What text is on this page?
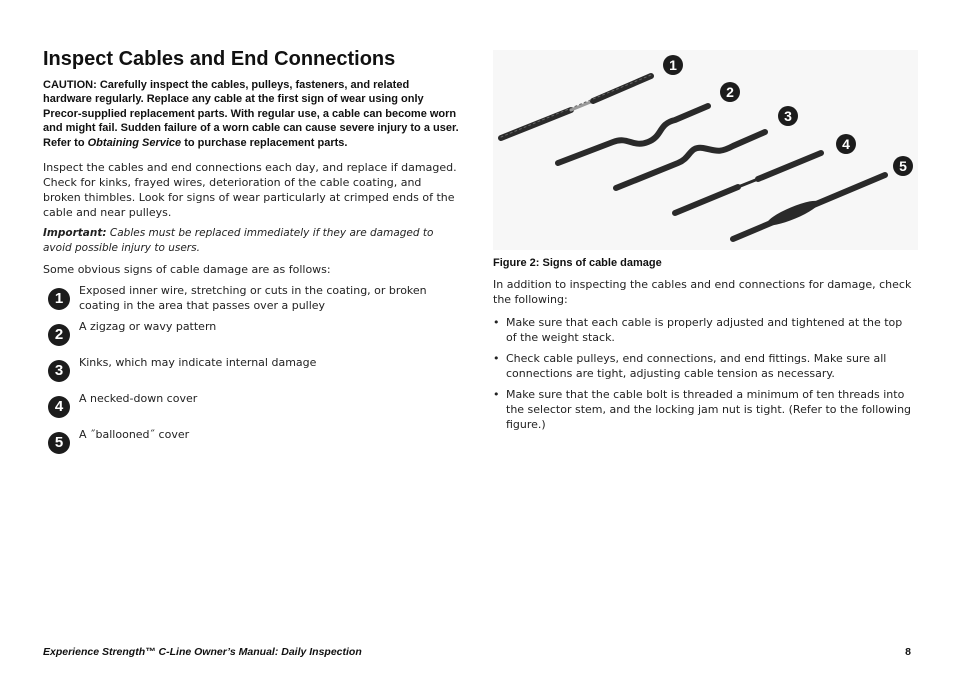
Inspect Cables and End Connections

CAUTION: Carefully inspect the cables, pulleys, fasteners, and related hardware regularly. Replace any cable at the first sign of wear using only Precor-supplied replacement parts. With regular use, a cable can become worn and might fail. Sudden failure of a worn cable can cause severe injury to a user. Refer to Obtaining Service to purchase replacement parts.

Inspect the cables and end connections each day, and replace if damaged. Check for kinks, frayed wires, deterioration of the cable coating, and broken thimbles. Look for signs of wear particularly at crimped ends of the cable and near pulleys.

Important: Cables must be replaced immediately if they are damaged to avoid possible injury to users.

Some obvious signs of cable damage are as follows:

1	Exposed inner wire, stretching or cuts in the coating, or broken coating in the area that passes over a pulley
2	A zigzag or wavy pattern
3	Kinks, which may indicate internal damage
4	A necked-down cover
5	A ˝ballooned˝ cover
1
2
3
4
5
Figure 2: Signs of cable damage

In addition to inspecting the cables and end connections for damage, check the following:

• Make sure that each cable is properly adjusted and tightened at the top of the weight stack.
• Check cable pulleys, end connections, and end fittings. Make sure all connections are tight, adjusting cable tension as necessary.
• Make sure that the cable bolt is threaded a minimum of ten threads into the selector stem, and the locking jam nut is tight. (Refer to the following figure.)
Experience Strength™ C-Line Owner’s Manual: Daily Inspection	8
